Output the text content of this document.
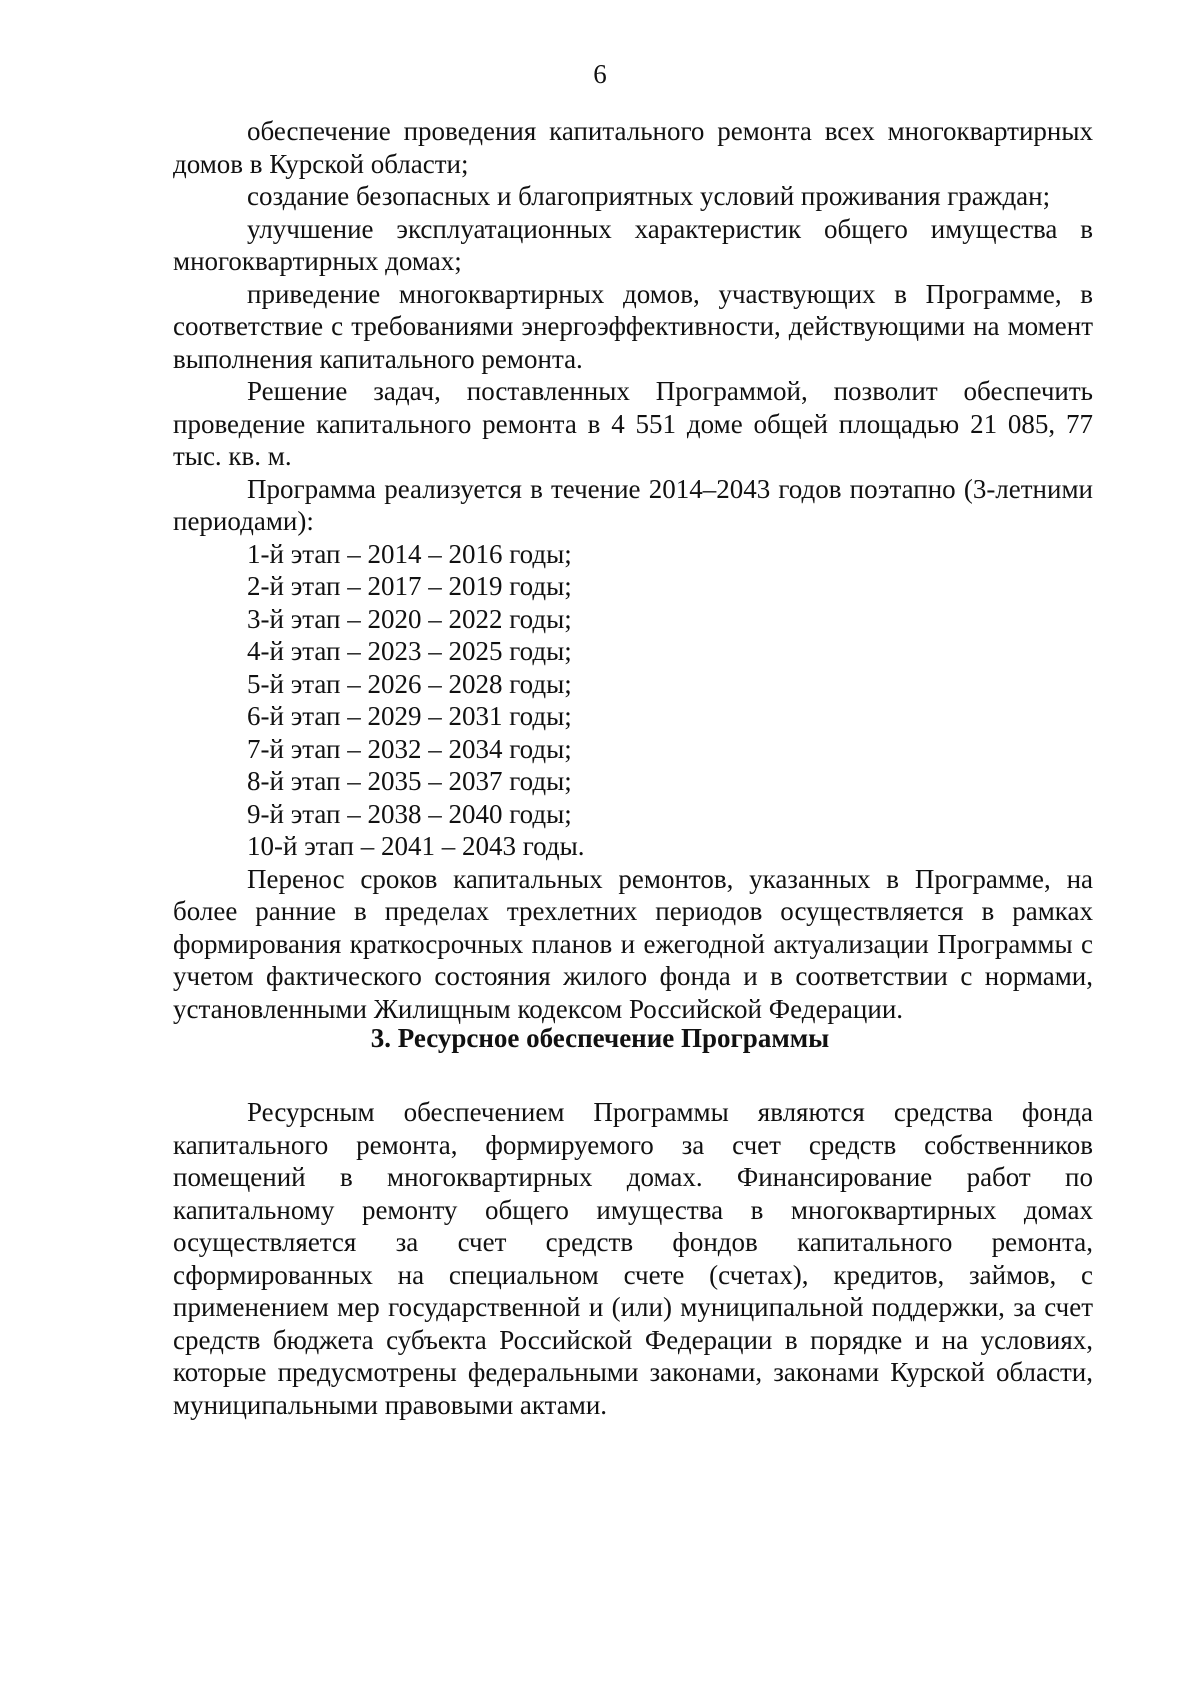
6

обеспечение проведения капитального ремонта всех многоквартирных домов в Курской области;

создание безопасных и благоприятных условий проживания граждан;

улучшение эксплуатационных характеристик общего имущества в многоквартирных домах;

приведение многоквартирных домов, участвующих в Программе, в соответствие с требованиями энергоэффективности, действующими на момент выполнения капитального ремонта.

Решение задач, поставленных Программой, позволит обеспечить проведение капитального ремонта в 4 551 доме общей площадью 21 085, 77 тыс. кв. м.

Программа реализуется в течение 2014–2043 годов поэтапно (3-летними периодами):

1-й этап – 2014 – 2016 годы;

2-й этап – 2017 – 2019 годы;

3-й этап – 2020 – 2022 годы;

4-й этап – 2023 – 2025 годы;

5-й этап – 2026 – 2028 годы;

6-й этап – 2029 – 2031 годы;

7-й этап – 2032 – 2034 годы;

8-й этап – 2035 – 2037 годы;

9-й этап – 2038 – 2040 годы;

10-й этап – 2041 – 2043 годы.

Перенос сроков капитальных ремонтов, указанных в Программе, на более ранние в пределах трехлетних периодов осуществляется в рамках формирования краткосрочных планов и ежегодной актуализации Программы с учетом фактического состояния жилого фонда и в соответствии с нормами, установленными Жилищным кодексом Российской Федерации.

3. Ресурсное обеспечение Программы

Ресурсным обеспечением Программы являются средства фонда капитального ремонта, формируемого за счет средств собственников помещений в многоквартирных домах. Финансирование работ по капитальному ремонту общего имущества в многоквартирных домах осуществляется за счет средств фондов капитального ремонта, сформированных на специальном счете (счетах), кредитов, займов, с применением мер государственной и (или) муниципальной поддержки, за счет средств бюджета субъекта Российской Федерации в порядке и на условиях, которые предусмотрены федеральными законами, законами Курской области, муниципальными правовыми актами.
